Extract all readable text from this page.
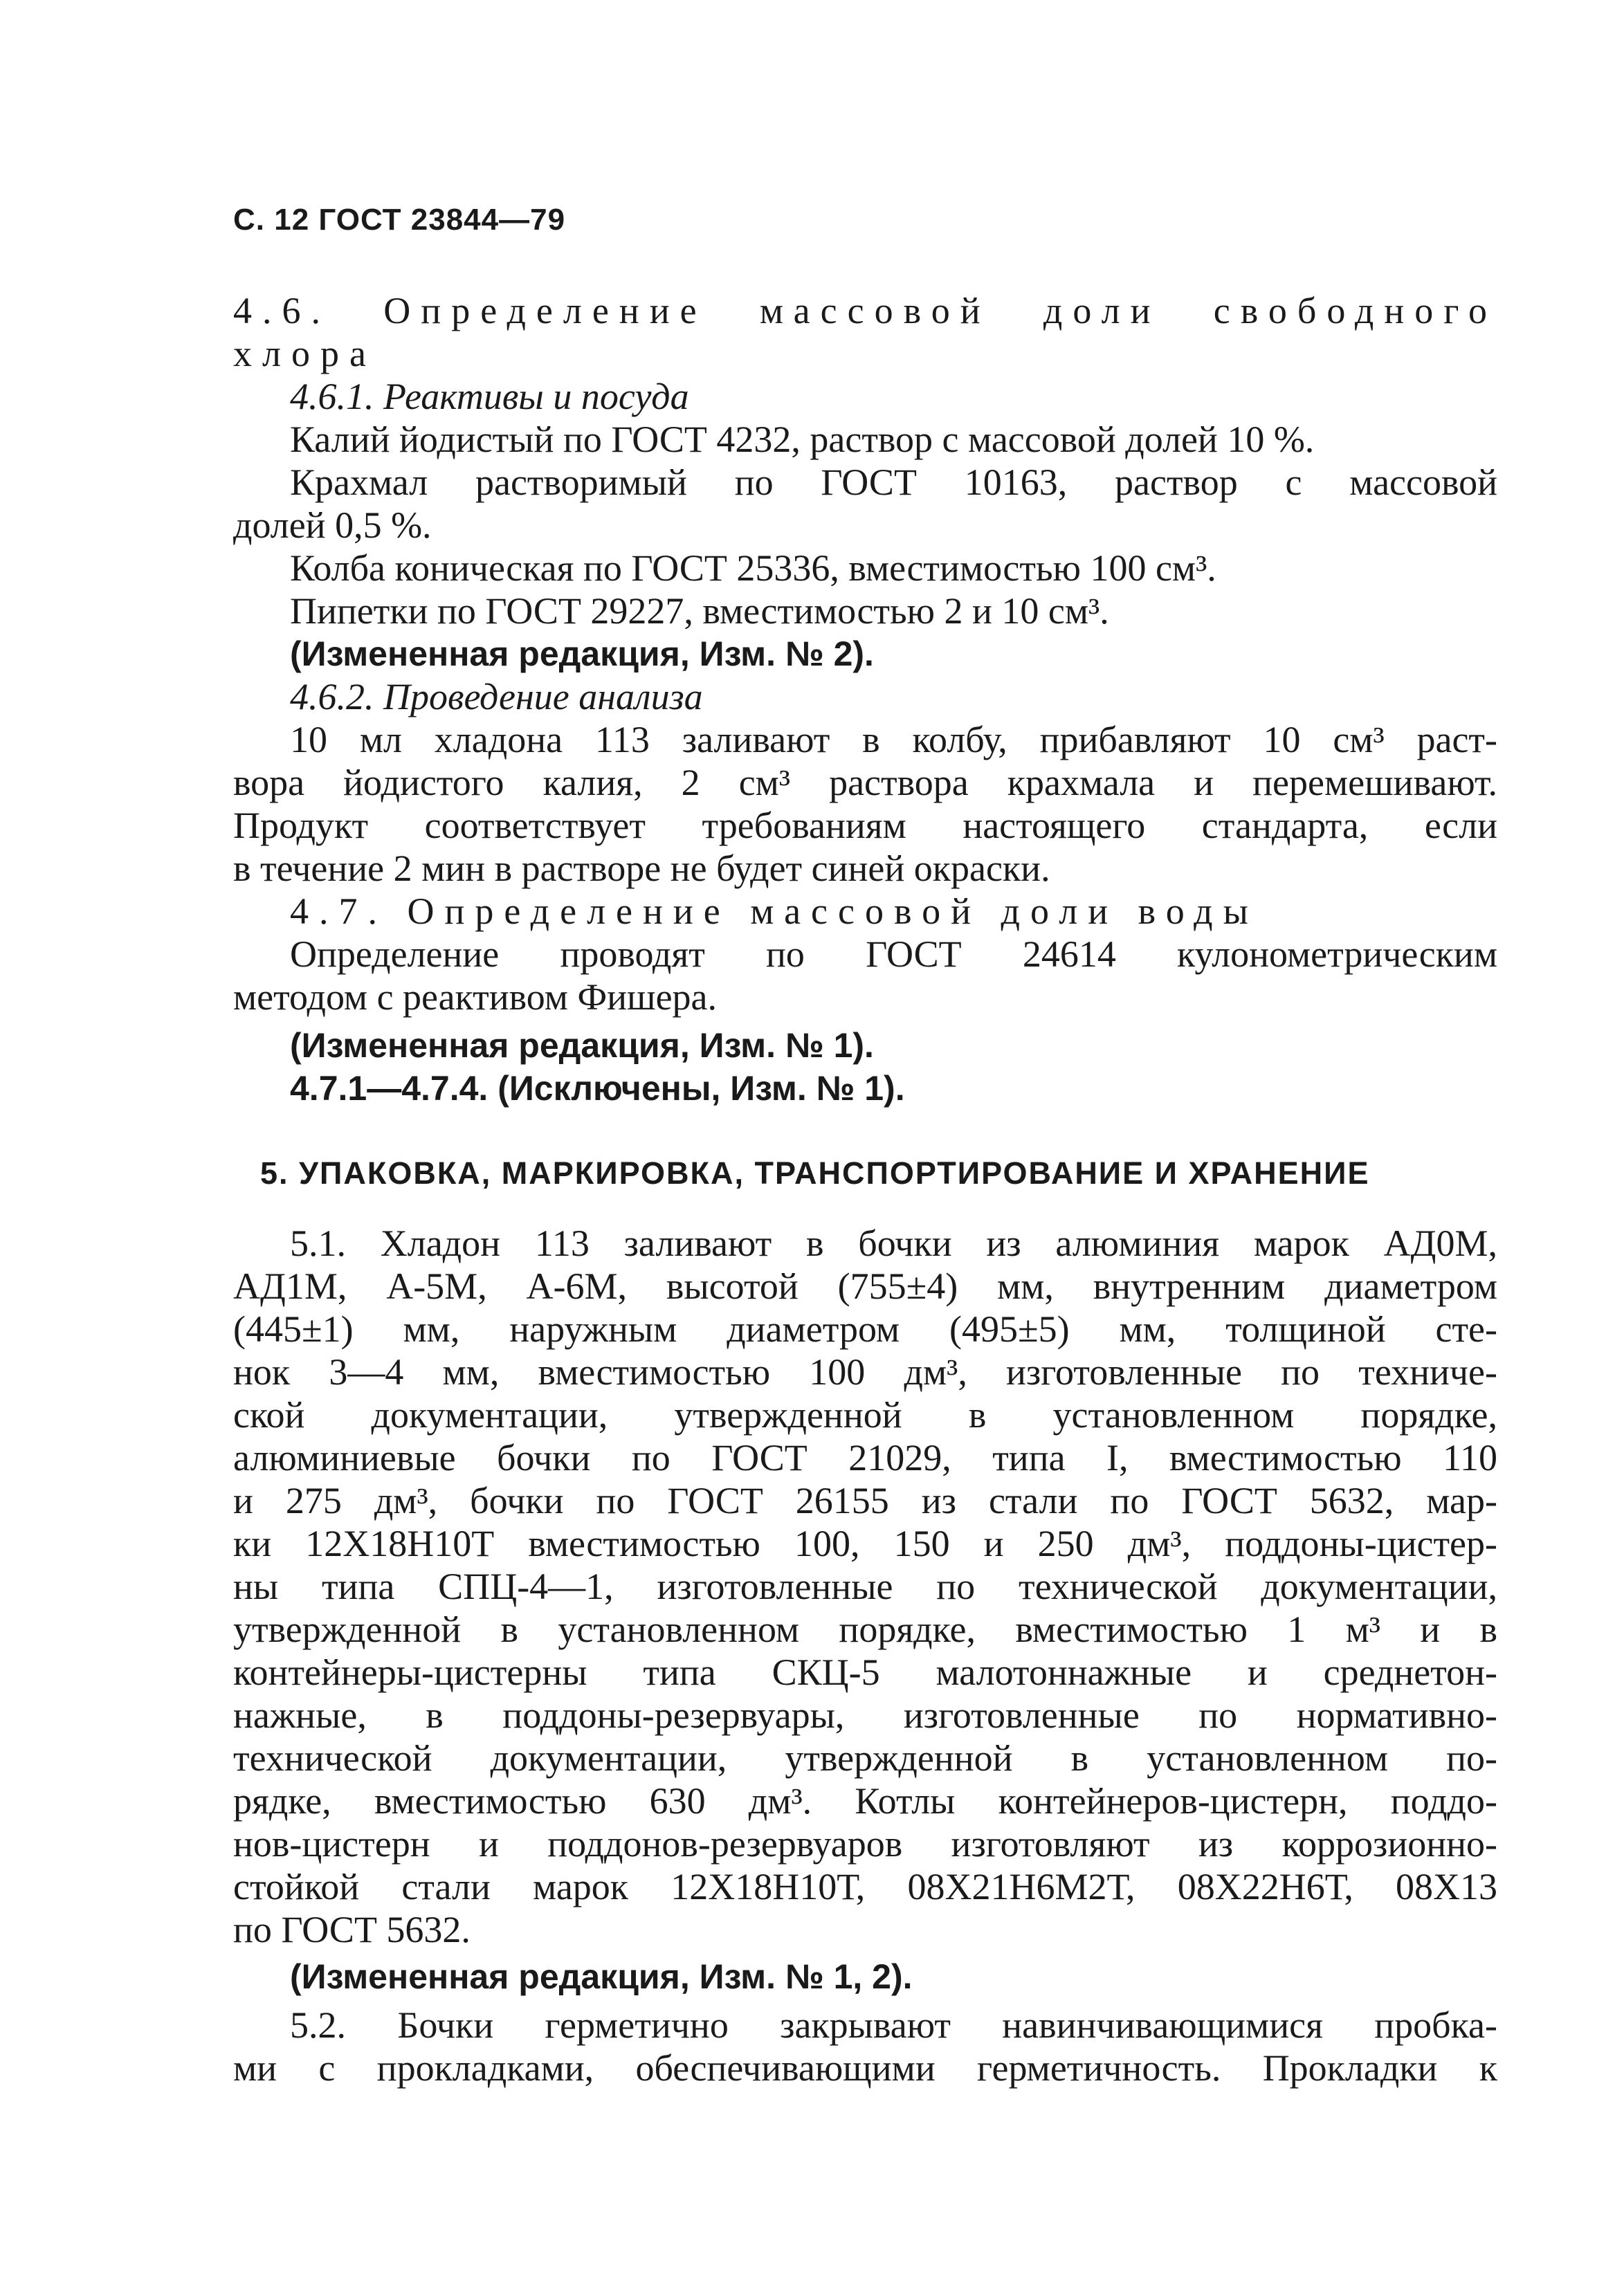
С. 12 ГОСТ 23844—79
4.6. Определение массовой доли свободного
хлора
4.6.1. Реактивы и посуда
Калий йодистый по ГОСТ 4232, раствор с массовой долей 10 %.
Крахмал растворимый по ГОСТ 10163, раствор с массовой
долей 0,5 %.
Колба коническая по ГОСТ 25336, вместимостью 100 см³.
Пипетки по ГОСТ 29227, вместимостью 2 и 10 см³.
(Измененная редакция, Изм. № 2).
4.6.2. Проведение анализа
10 мл хладона 113 заливают в колбу, прибавляют 10 см³ раст-
вора йодистого калия, 2 см³ раствора крахмала и перемешивают.
Продукт соответствует требованиям настоящего стандарта, если
в течение 2 мин в растворе не будет синей окраски.
4.7. Определение массовой доли воды
Определение проводят по ГОСТ 24614 кулонометрическим
методом с реактивом Фишера.
(Измененная редакция, Изм. № 1).
4.7.1—4.7.4. (Исключены, Изм. № 1).
5. УПАКОВКА, МАРКИРОВКА, ТРАНСПОРТИРОВАНИЕ И ХРАНЕНИЕ
5.1. Хладон 113 заливают в бочки из алюминия марок АД0М,
АД1М, А-5М, А-6М, высотой (755±4) мм, внутренним диаметром
(445±1) мм, наружным диаметром (495±5) мм, толщиной сте-
нок 3—4 мм, вместимостью 100 дм³, изготовленные по техниче-
ской документации, утвержденной в установленном порядке,
алюминиевые бочки по ГОСТ 21029, типа I, вместимостью 110
и 275 дм³, бочки по ГОСТ 26155 из стали по ГОСТ 5632, мар-
ки 12Х18Н10Т вместимостью 100, 150 и 250 дм³, поддоны-цистер-
ны типа СПЦ-4—1, изготовленные по технической документации,
утвержденной в установленном порядке, вместимостью 1 м³ и в
контейнеры-цистерны типа СКЦ-5 малотоннажные и среднетон-
нажные, в поддоны-резервуары, изготовленные по нормативно-
технической документации, утвержденной в установленном по-
рядке, вместимостью 630 дм³. Котлы контейнеров-цистерн, поддо-
нов-цистерн и поддонов-резервуаров изготовляют из коррозионно-
стойкой стали марок 12Х18Н10Т, 08Х21Н6М2Т, 08Х22Н6Т, 08Х13
по ГОСТ 5632.
(Измененная редакция, Изм. № 1, 2).
5.2. Бочки герметично закрывают навинчивающимися пробка-
ми с прокладками, обеспечивающими герметичность. Прокладки к
